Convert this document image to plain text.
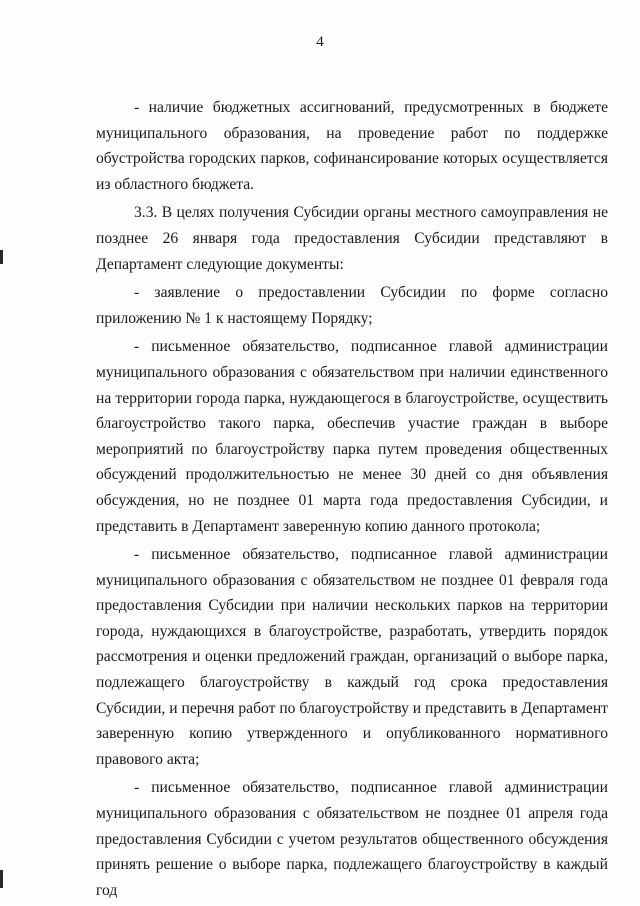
4

- наличие бюджетных ассигнований, предусмотренных в бюджете муниципального образования, на проведение работ по поддержке обустройства городских парков, софинансирование которых осуществляется из областного бюджета.

3.3. В целях получения Субсидии органы местного самоуправления не позднее 26 января года предоставления Субсидии представляют в Департамент следующие документы:

- заявление о предоставлении Субсидии по форме согласно приложению № 1 к настоящему Порядку;

- письменное обязательство, подписанное главой администрации муниципального образования с обязательством при наличии единственного на территории города парка, нуждающегося в благоустройстве, осуществить благоустройство такого парка, обеспечив участие граждан в выборе мероприятий по благоустройству парка путем проведения общественных обсуждений продолжительностью не менее 30 дней со дня объявления обсуждения, но не позднее 01 марта года предоставления Субсидии, и представить в Департамент заверенную копию данного протокола;

- письменное обязательство, подписанное главой администрации муниципального образования с обязательством не позднее 01 февраля года предоставления Субсидии при наличии нескольких парков на территории города, нуждающихся в благоустройстве, разработать, утвердить порядок рассмотрения и оценки предложений граждан, организаций о выборе парка, подлежащего благоустройству в каждый год срока предоставления Субсидии, и перечня работ по благоустройству и представить в Департамент заверенную копию утвержденного и опубликованного нормативного правового акта;

- письменное обязательство, подписанное главой администрации муниципального образования с обязательством не позднее 01 апреля года предоставления Субсидии с учетом результатов общественного обсуждения принять решение о выборе парка, подлежащего благоустройству в каждый год
